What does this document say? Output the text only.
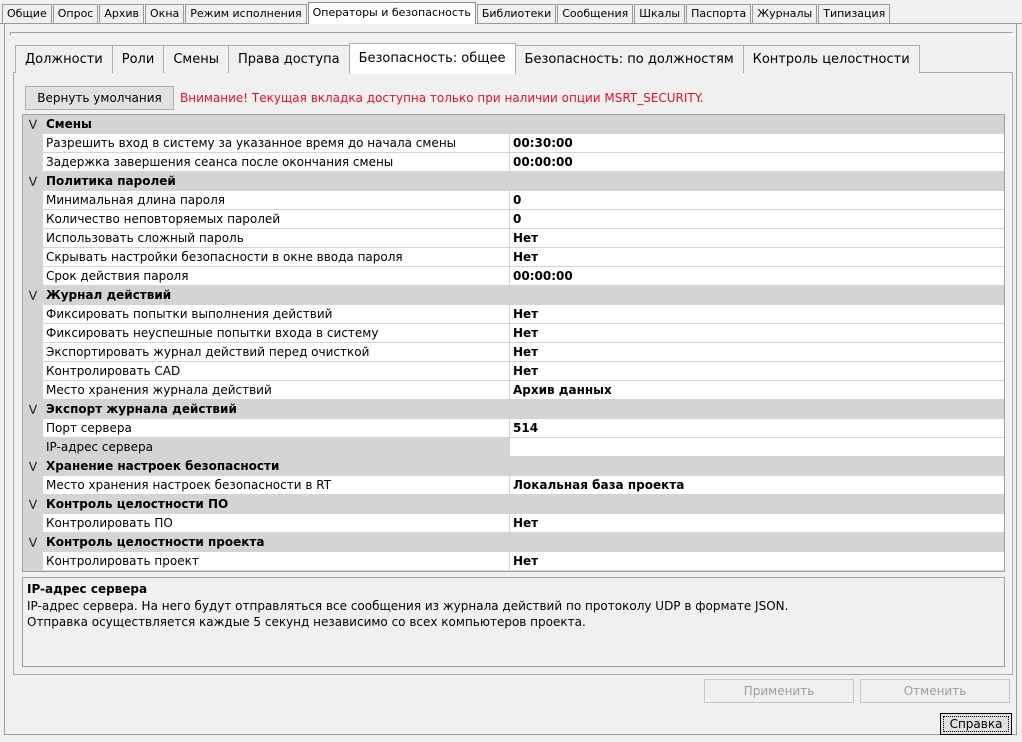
Общие	Опрос	Архив	Окна	Режим исполнения	Операторы и безопасность	Библиотеки	Сообщения	Шкалы	Паспорта	Журналы	Типизация
Должности	Роли	Смены	Права доступа	Безопасность: общее	Безопасность: по должностям	Контроль целостности
Вернуть умолчания	Внимание! Текущая вкладка доступна только при наличии опции MSRT_SECURITY.
⋁ Смены
Разрешить вход в систему за указанное время до начала смены	00:30:00
Задержка завершения сеанса после окончания смены	00:00:00
⋁ Политика паролей
Минимальная длина пароля	0
Количество неповторяемых паролей	0
Использовать сложный пароль	Нет
Скрывать настройки безопасности в окне ввода пароля	Нет
Срок действия пароля	00:00:00
⋁ Журнал действий
Фиксировать попытки выполнения действий	Нет
Фиксировать неуспешные попытки входа в систему	Нет
Экспортировать журнал действий перед очисткой	Нет
Контролировать CAD	Нет
Место хранения журнала действий	Архив данных
⋁ Экспорт журнала действий
Порт сервера	514
IP-адрес сервера
⋁ Хранение настроек безопасности
Место хранения настроек безопасности в RT	Локальная база проекта
⋁ Контроль целостности ПО
Контролировать ПО	Нет
⋁ Контроль целостности проекта
Контролировать проект	Нет
IP-адрес сервера
IP-адрес сервера. На него будут отправляться все сообщения из журнала действий по протоколу UDP в формате JSON.
Отправка осуществляется каждые 5 секунд независимо со всех компьютеров проекта.
Применить	Отменить
Справка
